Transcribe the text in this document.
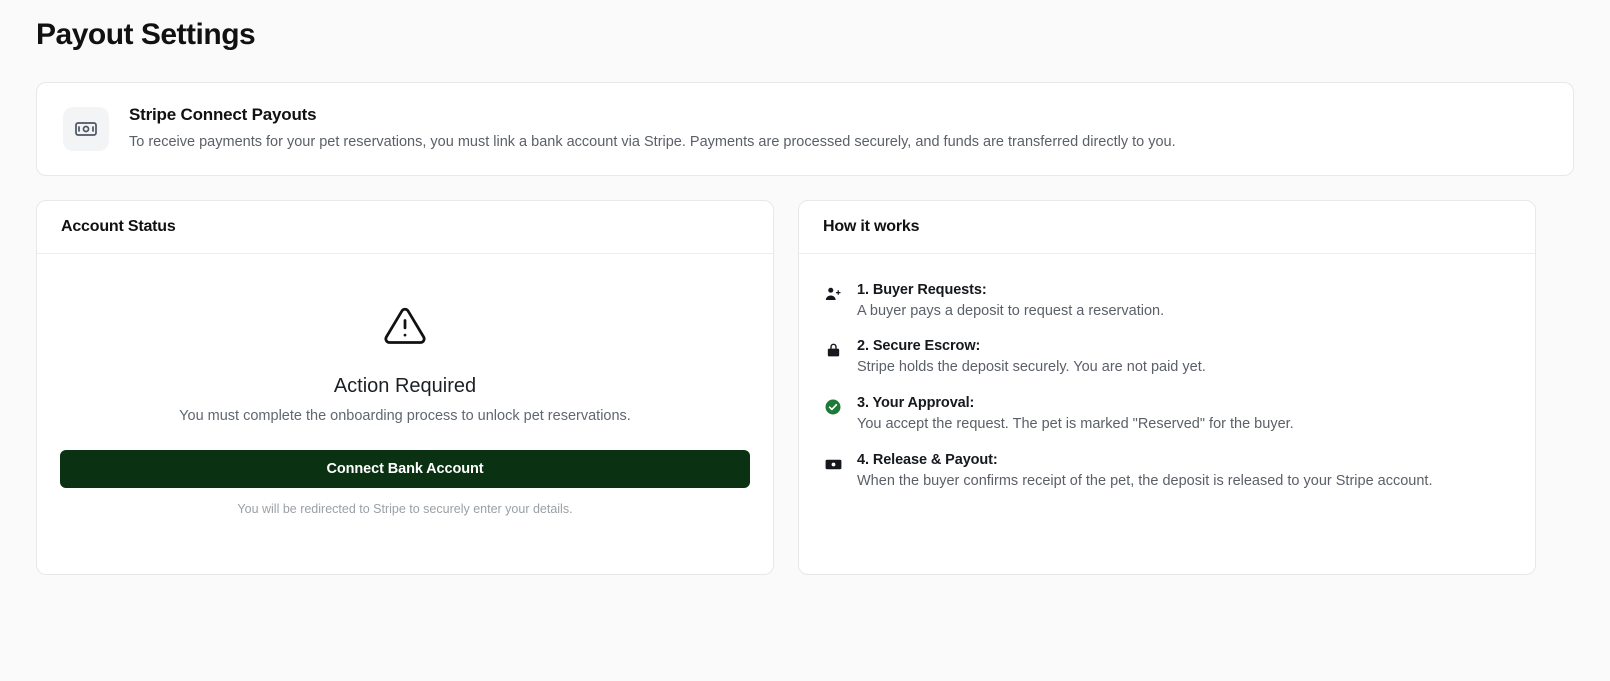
Payout Settings
Stripe Connect Payouts

To receive payments for your pet reservations, you must link a bank account via Stripe. Payments are processed securely, and funds are transferred directly to you.

Account Status

Action Required

You must complete the onboarding process to unlock pet reservations.

Connect Bank Account

You will be redirected to Stripe to securely enter your details.

How it works

1. Buyer Requests:

A buyer pays a deposit to request a reservation.

2. Secure Escrow:

Stripe holds the deposit securely. You are not paid yet.

3. Your Approval:

You accept the request. The pet is marked "Reserved" for the buyer.

4. Release & Payout:

When the buyer confirms receipt of the pet, the deposit is released to your Stripe account.
